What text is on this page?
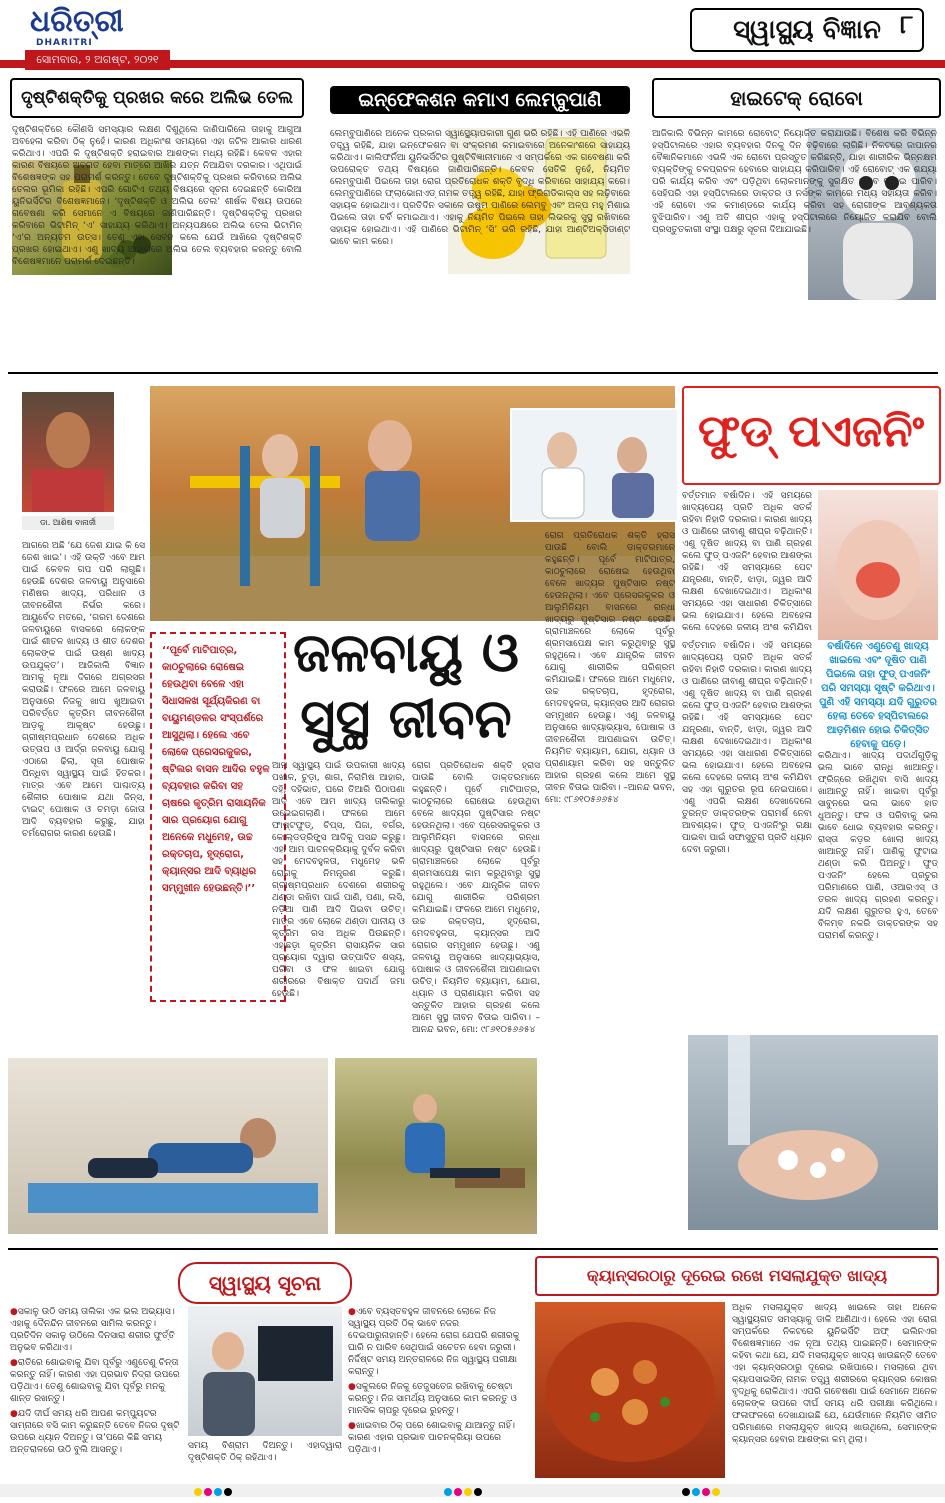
ଧରିତ୍ରୀ
DHARITRI
ସୋମବାର, ୨ ଅଗଷ୍ଟ, ୨୦୨୧
ସ୍ୱାସ୍ଥ୍ୟ ବିଜ୍ଞାନ ୮
ଦୃଷ୍ଟିଶକ୍ତିକୁ ପ୍ରଖର କରେ ଅଲିଭ ତେଲ
ଦୃଷ୍ଟିଶକ୍ତିରେ କୌଣସି ସମସ୍ୟାର ଲକ୍ଷଣ ଦିଶୁଥିଲେ ଜାଣିପାରିଲେ ତାହାକୁ ଆଗୁଆ ଅବହେଳା କରିବା ଠିକ୍ ନୁହେଁ। କାରଣ ଅଧିକାଂଶ ସମୟରେ ଏହା ଜଟିଳ ଆକାର ଧାରଣ କରିଥାଏ। ଏପରି କି ଦୃଷ୍ଟିଶକ୍ତି ହରାଇବାର ଆଶଙ୍କା ମଧ୍ୟ ରହିଛି। କେବଳ ଏହାର କାରଣ ବିଷୟରେ ଅବଗତ ହେବା ମାତ୍ରେ ଆଖିର ଯତ୍ନ ନିଆଯିବା ଦରକାର। ଏଥିପାଇଁ ବିଶେଷଜ୍ଞଙ୍କ ସହ ପରାମର୍ଶ କରନ୍ତୁ। ତେବେ ଦୃଷ୍ଟିଶକ୍ତିକୁ ପ୍ରଖର କରିବାରେ ଅଲିଭ ତେଲର ଭୂମିକା ରହିଛି। ଏପରି ଗୋଟିଏ ତଥ୍ୟ ବିଷୟରେ ସୂଚନା ଦେଇଛନ୍ତି କୋରିଆ ୟୁନିଭର୍ସିଟିର ବିଶେଷଜ୍ଞମାନେ। ‘ଦୃଷ୍ଟିଶକ୍ତି ଓ ଅଲିଭ ତେଲ’ ଶୀର୍ଷକ ବିଷୟ ଉପରେ ଗବେଷଣା କରି ସେମାନେ ଏ ବିଷୟରେ ଜାଣିପାରିଛନ୍ତି। ଦୃଷ୍ଟିଶକ୍ତିକୁ ପ୍ରଖର କରିବାରେ ଭିଟାମିନ୍ ‘ଏ’ ସାହାଯ୍ୟ କରିଥାଏ। ଅନ୍ୟପକ୍ଷରେ ଅଲିଭ ତେଲ ଭିଟାମିନ୍ ‘ଏ’ର ଅନ୍ୟତମ ଉତ୍ସ। ତେଣୁ ଏହା ସେବନ କଲେ ଯେଉଁ ଆଖିରେ ଦୃଷ୍ଟିଶକ୍ତି ପ୍ରଖର ହୋଇଥାଏ। ଏଣୁ ଖାଦ୍ୟ ଆହାରରେ ଅଲିଭ ତେଲ ବ୍ୟବହାର କରନ୍ତୁ ବୋଲି ବିଶେଷଜ୍ଞମାନେ ପରାମର୍ଶ ଦେଇଛନ୍ତି।
ଇନ୍‌ଫେକଶନ କମାଏ ଲେମ୍ବୁପାଣି
ଲେମ୍ବୁପାଣିରେ ଅନେକ ପ୍ରକାର ସ୍ୱାସ୍ଥ୍ୟୋପକାରୀ ଗୁଣ ଭରି ରହିଛି। ଏହି ପାଣିରେ ଏଭଳି ତତ୍ତ୍ୱ ରହିଛି, ଯାହା ଇନ୍‌ଫେକଶନ ବା ସଂକ୍ରମଣ କମାଇବାରେ ଅନେକାଂଶରେ ସାହାଯ୍ୟ କରିଥାଏ। କାଲିଫର୍ନିଆ ୟୁନିଭର୍ସିଟିର ପୁଷ୍ଟିବିଜ୍ଞାନୀମାନେ ଏ ସମ୍ପର୍କରେ ଏକ ଗବେଷଣା କରି ଉପରୋକ୍ତ ତଥ୍ୟ ବିଷୟରେ ଜାଣିପାରିଛନ୍ତି। କେବଳ ସେତିକି ନୁହେଁ, ନିୟମିତ ଲେମ୍ବୁପାଣି ପିଇଲେ ତାହା ରୋଗ ପ୍ରତିରୋଧକ ଶକ୍ତି ବୃଦ୍ଧି କରିବାରେ ସାହାଯ୍ୟ କରେ। ଲେମ୍ବୁପାଣିରେ ଫ୍ଲାଭୋନାଏଡ୍ ନାମକ ତତ୍ତ୍ୱ ରହିଛି, ଯାହା ଫ୍ରିରାଡିକାଲ୍‌ସ ସହ ଲଢ଼ିବାରେ ସହାୟକ ହୋଇଥାଏ। ପ୍ରତିଦିନ ସକାଳେ ଉଷୁମ ପାଣିରେ ଲେମ୍ବୁ ଏବଂ ଅଳ୍ପ ମହୁ ମିଶାଇ ପିଇଲେ ତାହା ଚର୍ବି କମାଇଥାଏ। ଏହାକୁ ନିୟମିତ ପିଇଲେ ତାହା ଲିଭରକୁ ସୁସ୍ଥ ରଖିବାରେ ସହାୟକ ହୋଇଥାଏ। ଏହି ପାଣିରେ ଭିଟାମିନ୍ ‘ସି’ ଭରି ରହିଛି, ଯାହା ଆଣ୍ଟିଅକ୍ସିଡାଣ୍ଟ ଭାବେ କାମ କରେ।
ହାଇଟେକ୍ ରୋବୋ
ଆଜିକାଲି ବିଭିନ୍ନ କାମରେ ରୋବୋଟ୍ ନିୟୋଜିତ କରାଯାଉଛି। ବିଶେଷ କରି ବିଭିନ୍ନ ହସ୍ପିଟାଲରେ ଏହାର ବ୍ୟବହାର ଦିନକୁ ଦିନ ବଢ଼ିବାରେ ଲାଗିଛି। ନିକଟରେ ଜାପାନର ବୈଜ୍ଞାନିକମାନେ ଏଭଳି ଏକ ରୋବୋ ପ୍ରସ୍ତୁତ କରିଛନ୍ତି, ଯାହା ଶାରୀରିକ ଭିନ୍ନକ୍ଷମ ବ୍ୟକ୍ତିଙ୍କୁ ଚଳପ୍ରଚଳ ହେବାରେ ସାହାଯ୍ୟ କରିପାରିବ। ଏହି ରୋବୋଟ୍ ଏକ ଶଯ୍ୟା ପରି କାର୍ଯ୍ୟ କରିବ ଏବଂ ପଡ଼ିଥିବା ଲୋକମାନଙ୍କୁ ସୁରକ୍ଷିତ ଭାବେ ଉଠାଇ ପାରିବ। ସେହିପରି ଏହା ହସ୍ପିଟାଲରେ ଡାକ୍ତର ଓ ନର୍ସଙ୍କ କାମରେ ମଧ୍ୟ ସହାୟତା କରିବ। ଏହି ରୋବୋ ଏକ କମାଣ୍ଡରେ କାର୍ଯ୍ୟ କରିବା ସହ ରୋଗୀଙ୍କ ଆବଶ୍ୟକତା ବୁଝିପାରିବ। ଏଣୁ ଅତି ଶୀଘ୍ର ଏହାକୁ ହସ୍ପିଟାଲରେ ନିୟୋଜିତ କରାଯିବ ବୋଲି ପ୍ରସ୍ତୁତକାରୀ ସଂସ୍ଥା ପକ୍ଷରୁ ସୂଚନା ଦିଆଯାଇଛି।
ଡା. ଆଶିଷ ବାନାର୍ଜୀ
ଆଗରେ ଅଛି ‘ଯେ ଜେଶ ଯାଇ କି ସେ ଜେଶ ଖାଇ’। ଏହି ଉକ୍ତି ଏବେ ଆମ ପାଇଁ କେବଳ ଗପ ପରି ଲାଗୁଛି। ହେଉଛି ଦେଶର ଜଳବାୟୁ ଅନୁସାରେ ମଣିଷର ଖାଦ୍ୟ, ପରିଧାନ ଓ ଜୀବନଶୈଳୀ ନିର୍ଭର କରେ। ଆୟୁର୍ବେଦ ମତରେ, ‘ଗରମ ଦେଶରେ ଜଳବାୟୁରେ ବାସକରେ ଲୋକଙ୍କ ପାଇଁ ଶୀତଳ ଖାଦ୍ୟ ଓ ଶୀତ ଦେଶର ଲୋକଙ୍କ ପାଇଁ ଉଷ୍ଣ ଖାଦ୍ୟ ଉପଯୁକ୍ତ’। ଆଜିକାଲି ବିଜ୍ଞାନ ଆମକୁ ନୂଆ ଦିଗରେ ଅଗ୍ରସର କରାଉଛି। ଫଳରେ ଆମେ ଜଳବାୟୁ ଅନୁସାରେ ନିଜକୁ ଖାପ ଖୁଆଇବା ପରିବର୍ତ୍ତେ କୃତ୍ରିମ ଜୀବନଶୈଳୀ ଆଡ଼କୁ ଆକୃଷ୍ଟ ହେଉଛୁ। ଗ୍ରୀଷ୍ମପ୍ରଧାନ ଦେଶରେ ଅଧିକ ଉତ୍ତାପ ଓ ଆର୍ଦ୍ର ଜଳବାୟୁ ଯୋଗୁ ଏଠାରେ ଢିଲା, ସୂତା ପୋଷାକ ପିନ୍ଧିବା ସ୍ୱାସ୍ଥ୍ୟ ପାଇଁ ହିତକର। ମାତ୍ର ଏବେ ଆମେ ପାଶ୍ଚାତ୍ୟ ଶୈଳୀର ପୋଷାକ ଯଥା ଜିନ୍ସ, ଟାଇଟ୍ ପୋଷାକ ଓ ଚମଡ଼ା ଜୋତା ଆଦି ବ୍ୟବହାର କରୁଛୁ, ଯାହା ଚର୍ମରୋଗର କାରଣ ହେଉଛି।
‘‘ପୂର୍ବେ ମାଟିପାତ୍ର, କାଠଚୁଲାରେ ରୋଷେଇ ହେଉଥିବା ବେଳେ ଏହା ସିଧାସଳଖ ସୂର୍ଯ୍ୟକିରଣ ବା ବାୟୁମଣ୍ଡଳର ସଂସ୍ପର୍ଶରେ ଆସୁଥିଲା। ହେଲେ ଏବେ ଲୋକେ ପ୍ରେସରକୁକର, ଷ୍ଟିଲର ବାସନ ଆଦିର ବହୁଳ ବ୍ୟବହାର କରିବା ସହ ଚାଷରେ କୃତ୍ରିମ ରାସାୟନିକ ସାର ପ୍ରୟୋଗ ଯୋଗୁ ଅନେକେ ମଧୁମେହ, ଉଚ୍ଚ ରକ୍ତଚାପ, ହୃଦ୍‌ରୋଗ, କ୍ୟାନ୍‌ସର ଆଦି ବ୍ୟାଧିର ସମ୍ମୁଖୀନ ହେଉଛନ୍ତି।’’
ଜଳବାୟୁ ଓ
ସୁସ୍ଥ ଜୀବନ
ଆମ ସ୍ୱାସ୍ଥ୍ୟ ପାଇଁ ଉପକାରୀ ଖାଦ୍ୟ ପଖାଳ, ଚୁଡ଼ା, ଶାଗ, ନିରାମିଷ ଆହାର, ଦହି, ଦହିଭାତ, ଘରେ ତିଆରି ପିଠାପଣା ଆଦି ଏବେ ଆମ ଖାଦ୍ୟ ତାଲିକାରୁ ଉଭେଇଗଲାଣି। ଫଳରେ ଆମେ ଫାଷ୍ଟଫୁଡ୍, ଚିପ୍ସ, ପିଜା, ବର୍ଗର, କୋଲ୍ଡଡ୍ରିଙ୍କ୍ସ ଆଦିକୁ ପସନ୍ଦ କରୁଛୁ। ଏହା ଆମ ପାଚନକ୍ରିୟାକୁ ଦୁର୍ବଳ କରିବା ସହ ମେଦବହୁଳତା, ମଧୁମେହ ଭଳି ରୋଗକୁ ନିମନ୍ତ୍ରଣ କରୁଛି। ଗ୍ରୀଷ୍ମପ୍ରଧାନ ଦେଶରେ ଶରୀରକୁ ଥଣ୍ଡା ରଖିବା ପାଇଁ ପାଣି, ପଣା, ଲସି, ନଡ଼ିଆ ପାଣି ଆଦି ପିଇବା ଉଚିତ୍। ମାତ୍ର ଏବେ ଲୋକେ ଥଣ୍ଡା ପାନୀୟ ଓ କୃତ୍ରିମ ରସ ଅଧିକ ପିଉଛନ୍ତି। ଏହାଛଡ଼ା କୃତ୍ରିମ ରାସାୟନିକ ସାର ପ୍ରୟୋଗ ଦ୍ୱାରା ଉତ୍ପାଦିତ ଶସ୍ୟ, ପରିବା ଓ ଫଳ ଖାଇବା ଯୋଗୁ ଶରୀରରେ ବିଷାକ୍ତ ପଦାର୍ଥ ଜମା ହେଉଛି।
ରୋଗ ପ୍ରତିରୋଧକ ଶକ୍ତି ହ୍ରାସ ପାଉଛି ବୋଲି ଡାକ୍ତରମାନେ କହୁଛନ୍ତି। ପୂର୍ବେ ମାଟିପାତ୍ର, କାଠଚୁଲାରେ ରୋଷେଇ ହେଉଥିବା ବେଳେ ଖାଦ୍ୟର ପୁଷ୍ଟିସାର ନଷ୍ଟ ହେଉନଥିଲା। ଏବେ ପ୍ରେସରକୁକର ଓ ଆଲୁମିନିୟମ ବାସନରେ ରନ୍ଧା ଖାଦ୍ୟରୁ ପୁଷ୍ଟିସାର ନଷ୍ଟ ହେଉଛି। ଗ୍ରାମାଞ୍ଚଳରେ ଲୋକେ ପୂର୍ବରୁ ଶ୍ରମସାପେକ୍ଷ କାମ କରୁଥିବାରୁ ସୁସ୍ଥ ରହୁଥିଲେ। ଏବେ ଯାନ୍ତ୍ରିକ ଜୀବନ ଯୋଗୁ ଶାରୀରିକ ପରିଶ୍ରମ କମିଯାଇଛି। ଫଳରେ ଆମେ ମଧୁମେହ, ଉଚ୍ଚ ରକ୍ତଚାପ, ହୃଦ୍‌ରୋଗ, ମେଦବହୁଳତା, କ୍ୟାନ୍‌ସର ଆଦି ରୋଗର ସମ୍ମୁଖୀନ ହେଉଛୁ। ଏଣୁ ଜଳବାୟୁ ଅନୁସାରେ ଖାଦ୍ୟାଭ୍ୟାସ, ପୋଷାକ ଓ ଜୀବନଶୈଳୀ ଆପଣାଇବା ଉଚିତ୍। ନିୟମିତ ବ୍ୟାୟାମ, ଯୋଗ, ଧ୍ୟାନ ଓ ପ୍ରାଣାୟାମ କରିବା ସହ ସନ୍ତୁଳିତ ଆହାର ଗ୍ରହଣ କଲେ ଆମେ ସୁସ୍ଥ ଜୀବନ ବିତାଇ ପାରିବା। –ଆନନ୍ଦ ଭବନ, ମୋ: ୯୮୬୧୦୫୬୬୫୪
ରୋଗ ପ୍ରତିରୋଧକ ଶକ୍ତି ହ୍ରାସ ପାଉଛି ବୋଲି ଡାକ୍ତରମାନେ କହୁଛନ୍ତି। ପୂର୍ବେ ମାଟିପାତ୍ର, କାଠଚୁଲାରେ ରୋଷେଇ ହେଉଥିବା ବେଳେ ଖାଦ୍ୟର ପୁଷ୍ଟିସାର ନଷ୍ଟ ହେଉନଥିଲା। ଏବେ ପ୍ରେସରକୁକର ଓ ଆଲୁମିନିୟମ ବାସନରେ ରନ୍ଧା ଖାଦ୍ୟରୁ ପୁଷ୍ଟିସାର ନଷ୍ଟ ହେଉଛି। ଗ୍ରାମାଞ୍ଚଳରେ ଲୋକେ ପୂର୍ବରୁ ଶ୍ରମସାପେକ୍ଷ କାମ କରୁଥିବାରୁ ସୁସ୍ଥ ରହୁଥିଲେ। ଏବେ ଯାନ୍ତ୍ରିକ ଜୀବନ ଯୋଗୁ ଶାରୀରିକ ପରିଶ୍ରମ କମିଯାଇଛି। ଫଳରେ ଆମେ ମଧୁମେହ, ଉଚ୍ଚ ରକ୍ତଚାପ, ହୃଦ୍‌ରୋଗ, ମେଦବହୁଳତା, କ୍ୟାନ୍‌ସର ଆଦି ରୋଗର ସମ୍ମୁଖୀନ ହେଉଛୁ। ଏଣୁ ଜଳବାୟୁ ଅନୁସାରେ ଖାଦ୍ୟାଭ୍ୟାସ, ପୋଷାକ ଓ ଜୀବନଶୈଳୀ ଆପଣାଇବା ଉଚିତ୍। ନିୟମିତ ବ୍ୟାୟାମ, ଯୋଗ, ଧ୍ୟାନ ଓ ପ୍ରାଣାୟାମ କରିବା ସହ ସନ୍ତୁଳିତ ଆହାର ଗ୍ରହଣ କଲେ ଆମେ ସୁସ୍ଥ ଜୀବନ ବିତାଇ ପାରିବା। –ଆନନ୍ଦ ଭବନ, ମୋ: ୯୮୬୧୦୫୬୬୫୪
ଫୁଡ୍ ପଏଜନିଂ
ବର୍ତ୍ତମାନ ବର୍ଷାଦିନ। ଏହି ସମୟରେ ଖାଦ୍ୟପେୟ ପ୍ରତି ଅଧିକ ସତର୍କ ରହିବା ନିହାତି ଦରକାର। କାରଣ ଖାଦ୍ୟ ଓ ପାଣିରେ ଜୀବାଣୁ ଶୀଘ୍ର ବଢ଼ିଥାନ୍ତି। ଏଣୁ ଦୂଷିତ ଖାଦ୍ୟ ବା ପାଣି ଗ୍ରହଣ କଲେ ଫୁଡ୍ ପଏଜନିଂ ହେବାର ଆଶଙ୍କା ରହିଛି। ଏହି ସମସ୍ୟାରେ ପେଟ ଯନ୍ତ୍ରଣା, ବାନ୍ତି, ଝାଡ଼ା, ଜ୍ୱର ଆଦି ଲକ୍ଷଣ ଦେଖାଦେଇଥାଏ। ଅଧିକାଂଶ ସମୟରେ ଏହା ସାଧାରଣ ଚିକିତ୍ସାରେ ଭଲ ହୋଇଯାଏ। ହେଲେ ଅବହେଳା କଲେ ଦେହରେ ଜଳୀୟ ଅଂଶ କମିଯିବା
ବର୍ଷାଦିନେ ଏଣୁତେଣୁ ଖାଦ୍ୟ ଖାଇଲେ ଏବଂ ଦୂଷିତ ପାଣି ପିଇଲେ ତାହା ଫୁଡ୍ ପଏଜନିଂ ପରି ସମସ୍ୟା ସୃଷ୍ଟି କରିଥାଏ। ପୁଣି ଏହି ସମସ୍ୟା ଯଦି ଗୁରୁତର ହେଲା ତେବେ ହସ୍ପିଟାଲରେ ଆଡ଼ମିଶନ ହୋଇ ଚିକିତ୍ସିତ ହେବାକୁ ପଡ଼େ।
ବର୍ତ୍ତମାନ ବର୍ଷାଦିନ। ଏହି ସମୟରେ ଖାଦ୍ୟପେୟ ପ୍ରତି ଅଧିକ ସତର୍କ ରହିବା ନିହାତି ଦରକାର। କାରଣ ଖାଦ୍ୟ ଓ ପାଣିରେ ଜୀବାଣୁ ଶୀଘ୍ର ବଢ଼ିଥାନ୍ତି। ଏଣୁ ଦୂଷିତ ଖାଦ୍ୟ ବା ପାଣି ଗ୍ରହଣ କଲେ ଫୁଡ୍ ପଏଜନିଂ ହେବାର ଆଶଙ୍କା ରହିଛି। ଏହି ସମସ୍ୟାରେ ପେଟ ଯନ୍ତ୍ରଣା, ବାନ୍ତି, ଝାଡ଼ା, ଜ୍ୱର ଆଦି ଲକ୍ଷଣ ଦେଖାଦେଇଥାଏ। ଅଧିକାଂଶ ସମୟରେ ଏହା ସାଧାରଣ ଚିକିତ୍ସାରେ ଭଲ ହୋଇଯାଏ। ହେଲେ ଅବହେଳା କଲେ ଦେହରେ ଜଳୀୟ ଅଂଶ କମିଯିବା ସହ ଏହା ଗୁରୁତର ରୂପ ନେଇପାରେ। ଏଣୁ ଏପରି ଲକ୍ଷଣ ଦେଖାଦେଲେ ତୁରନ୍ତ ଡାକ୍ତରଙ୍କ ପରାମର୍ଶ ନେବା ଆବଶ୍ୟକ। ଫୁଡ୍ ପଏଜନିଂରୁ ରକ୍ଷା ପାଇବା ପାଇଁ ସଫାସୁତୁରା ପ୍ରତି ଧ୍ୟାନ ଦେବା ଜରୁରୀ।
କରିଥାଏ। ଖାଦ୍ୟ ପଦାର୍ଥଗୁଡ଼ିକୁ ଭଲ ଭାବେ ରାନ୍ଧି ଖାଆନ୍ତୁ। ଫ୍ରିଜ୍‌ରେ ରଖିଥିବା ବାସି ଖାଦ୍ୟ ଖାଆନ୍ତୁ ନାହିଁ। ଖାଇବା ପୂର୍ବରୁ ସାବୁନରେ ଭଲ ଭାବେ ହାତ ଧୁଅନ୍ତୁ। ଫଳ ଓ ପରିବାକୁ ଭଲ ଭାବେ ଧୋଇ ବ୍ୟବହାର କରନ୍ତୁ। ରାସ୍ତା କଡ଼ର ଖୋଲା ଖାଦ୍ୟ ଖାଆନ୍ତୁ ନାହିଁ। ପାଣିକୁ ଫୁଟାଇ ଥଣ୍ଡା କରି ପିଅନ୍ତୁ। ଫୁଡ୍ ପଏଜନିଂ ହେଲେ ପ୍ରଚୁର ପରିମାଣରେ ପାଣି, ଓଆରଏସ୍ ଓ ତରଳ ଖାଦ୍ୟ ଗ୍ରହଣ କରନ୍ତୁ। ଯଦି ଲକ୍ଷଣ ଗୁରୁତର ହୁଏ, ତେବେ ବିଳମ୍ବ ନକରି ଡାକ୍ତରଙ୍କ ସହ ପରାମର୍ଶ କରନ୍ତୁ।
ସ୍ୱାସ୍ଥ୍ୟ ସୂଚନା

● ସକାଳୁ ଉଠି ସମୟ ତାଲିକା ଏକ ଭଲ ଅଭ୍ୟାସ। ଏହାକୁ ଦୈନନ୍ଦିନ ଜୀବନରେ ସାମିଲ କରନ୍ତୁ। ପ୍ରତିଦିନ ସକାଳୁ ଉଠିଲେ ଦିନସାରା ଶରୀର ଫୁର୍ତ୍ତି ଅନୁଭବ କରିଥାଏ।

● ରାତିରେ ଶୋଇବାକୁ ଯିବା ପୂର୍ବରୁ ଏଣୁତେଣୁ ଚିନ୍ତା କରନ୍ତୁ ନାହିଁ। କାରଣ ଏହା ପ୍ରଭାବ ନିଦ୍ରା ଉପରେ ପଡ଼ିଥାଏ। ତେଣୁ ଶୋଇବାକୁ ଯିବା ପୂର୍ବରୁ ମନକୁ ଶାନ୍ତ ରଖନ୍ତୁ।

● ଯଦି ଦୀର୍ଘ ସମୟ ଧରି ଆପଣ କମ୍ପ୍ୟୁଟର ସାମ୍ନାରେ ବସି କାମ କରୁଛନ୍ତି ତେବେ ନିଜର ଦୃଷ୍ଟି ଉପରେ ଧ୍ୟାନ ଦିଅନ୍ତୁ। ତା’ପରେ କିଛି ସମୟ ଅନ୍ତରାଳରେ ଉଠି ବୁଲି ଆସନ୍ତୁ।	ସମୟ ବିଶ୍ରାମ ଦିଅନ୍ତୁ। ଏହାଦ୍ୱାରା ଦୃଷ୍ଟିଶକ୍ତି ଠିକ୍ ରହିଥାଏ।

● ଏବେ ବ୍ୟସ୍ତବହୁଳ ଜୀବନରେ ଲୋକେ ନିଜ ସ୍ୱାସ୍ଥ୍ୟ ପ୍ରତି ଠିକ୍ ଭାବେ ନଜର ଦେଇପାରୁନାହାନ୍ତି। ହେଲେ ରୋଗ ଯେପରି ଶରୀରକୁ ଘାରି ନ ପାରିବ ସେଥିପାଇଁ ସଚେତନ ହେବା ଜରୁରୀ। ନିର୍ଦ୍ଦିଷ୍ଟ ସମୟ ଅନ୍ତରାଳରେ ନିଜ ସ୍ୱାସ୍ଥ୍ୟ ପରୀକ୍ଷା କରାନ୍ତୁ।

● ସକୁଲରେ ନିଜକୁ ତେଜୁସତେଜ ରଖିବାକୁ ଚେଷ୍ଟା କରନ୍ତୁ। ନିଜ ସାମର୍ଥ୍ୟ ଅନୁସାରେ କାମ କରନ୍ତୁ ଓ ମାନସିକ ଚାପରୁ ଦୂରେଇ ରୁହନ୍ତୁ।

● ଖାଇବାର ଠିକ୍ ପରେ ଶୋଇବାକୁ ଯାଆନ୍ତୁ ନାହିଁ। କାରଣ ଏହାର ପ୍ରଭାବ ପାଚନକ୍ରିୟା ଉପରେ ପଡ଼ିଥାଏ।

କ୍ୟାନ୍‌ସରଠାରୁ ଦୂରେଇ ରଖେ ମସଲାଯୁକ୍ତ ଖାଦ୍ୟ
ଅଧିକ ମସଲାଯୁକ୍ତ ଖାଦ୍ୟ ଖାଇଲେ ତାହା ଅନେକ ସ୍ୱାସ୍ଥ୍ୟଗତ ସମସ୍ୟାକୁ ଡାକି ଆଣିଥାଏ। ହେଲେ ଏହା ରୋଗ ସମ୍ପର୍କରେ ନିକଟରେ ୟୁନିଭର୍ସିଟି ଅଫ୍ ଇଲିନଏର ବିଶେଷଜ୍ଞମାନେ ଏକ ନୂଆ ତଥ୍ୟ ପାଇଛନ୍ତି। ସେମାନଙ୍କ କହିବା କଥା ଯେ, ଯଦି ମସଲାଯୁକ୍ତ ଖାଦ୍ୟ ଖାଉଛନ୍ତି ତେବେ ଏହା କ୍ୟାନ୍‌ସରଠାରୁ ଦୂରେଇ ରଖିପାରେ। ମସଲାରେ ଥିବା କ୍ୟାପସାଇସିନ୍ ନାମକ ତତ୍ତ୍ୱ ଶରୀରରେ କ୍ୟାନ୍‌ସର କୋଷର ବୃଦ୍ଧିକୁ ରୋକିଥାଏ। ଏପରି ଗବେଷଣା ପାଇଁ ସେମାନେ ଅନେକ ଲୋକଙ୍କ ଉପରେ ଦୀର୍ଘ ସମୟ ଧରି ପରୀକ୍ଷା କରିଥିଲେ। ଫଳାଫଳରେ ଦେଖାଯାଇଛି ଯେ, ଯେଉଁମାନେ ନିୟମିତ ସୀମିତ ପରିମାଣରେ ମସଲାଯୁକ୍ତ ଖାଦ୍ୟ ଖାଉଥିଲେ, ସେମାନଙ୍କ କ୍ୟାନ୍‌ସର ହେବାର ଆଶଙ୍କା କମ୍ ଥିଲା।
